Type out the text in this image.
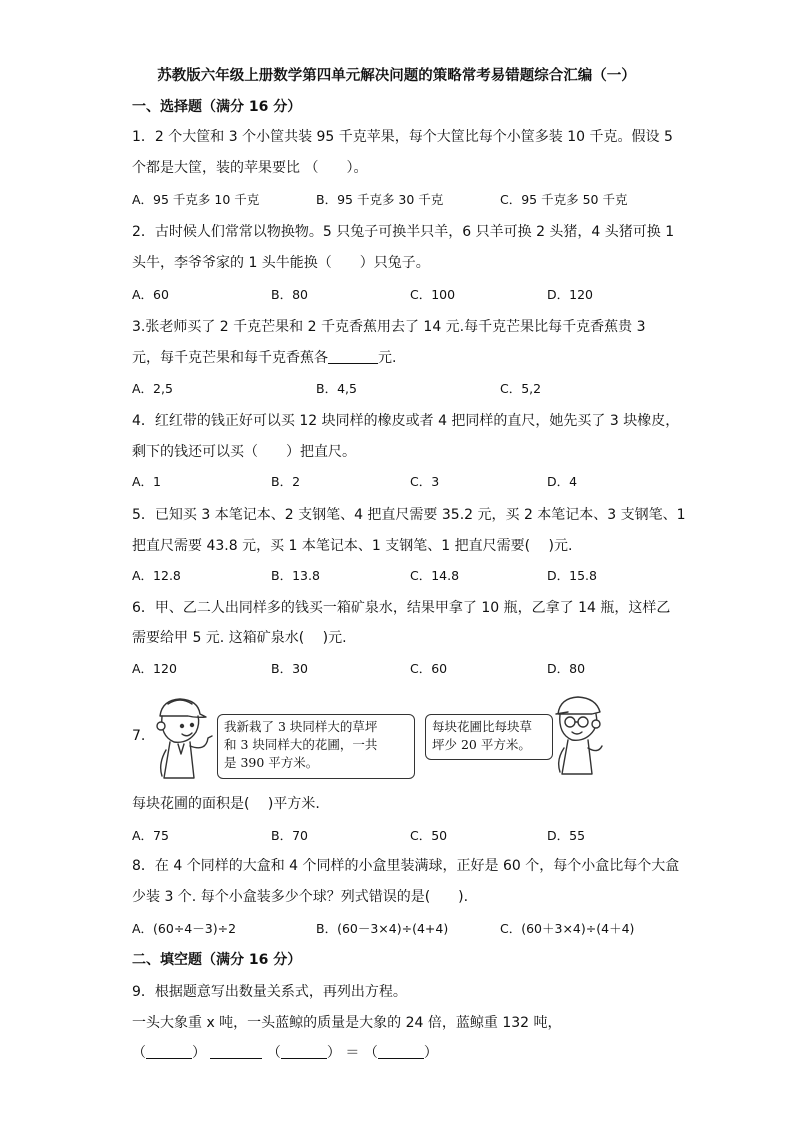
苏教版六年级上册数学第四单元解决问题的策略常考易错题综合汇编（一）
一、选择题（满分 16 分）
1．2 个大筐和 3 个小筐共装 95 千克苹果，每个大筐比每个小筐多装 10 千克。假设 5
个都是大筐，装的苹果要比 （　　）。
A．95 千克多 10 千克	B．95 千克多 30 千克	C．95 千克多 50 千克
2．古时候人们常常以物换物。5 只兔子可换半只羊，6 只羊可换 2 头猪，4 头猪可换 1
头牛，李爷爷家的 1 头牛能换（　　）只兔子。
A．60	B．80	C．100	D．120
3.张老师买了 2 千克芒果和 2 千克香蕉用去了 14 元.每千克芒果比每千克香蕉贵 3
元，每千克芒果和每千克香蕉各	元.
A．2,5	B．4,5	C．5,2
4．红红带的钱正好可以买 12 块同样的橡皮或者 4 把同样的直尺，她先买了 3 块橡皮，
剩下的钱还可以买（　　）把直尺。
A．1	B．2	C．3	D．4
5．已知买 3 本笔记本、2 支钢笔、4 把直尺需要 35.2 元，买 2 本笔记本、3 支钢笔、1
把直尺需要 43.8 元，买 1 本笔记本、1 支钢笔、1 把直尺需要(　 )元.
A．12.8	B．13.8	C．14.8	D．15.8
6．甲、乙二人出同样多的钱买一箱矿泉水，结果甲拿了 10 瓶，乙拿了 14 瓶，这样乙
需要给甲 5 元. 这箱矿泉水(　 )元.
A．120	B．30	C．60	D．80
7.
我新栽了 3 块同样大的草坪
和 3 块同样大的花圃，一共
是 390 平方米。
每块花圃比每块草
坪少 20 平方米。
每块花圃的面积是(　 )平方米.
A．75	B．70	C．50	D．55
8．在 4 个同样的大盒和 4 个同样的小盒里装满球，正好是 60 个，每个小盒比每个大盒
少装 3 个. 每个小盒装多少个球？列式错误的是(　　).
A．(60÷4－3)÷2	B．(60－3×4)÷(4+4)	C．(60＋3×4)÷(4＋4)
二、填空题（满分 16 分）
9．根据题意写出数量关系式，再列出方程。
一头大象重 x 吨，一头蓝鲸的质量是大象的 24 倍，蓝鲸重 132 吨，
（	）	（	） ＝ （	）
